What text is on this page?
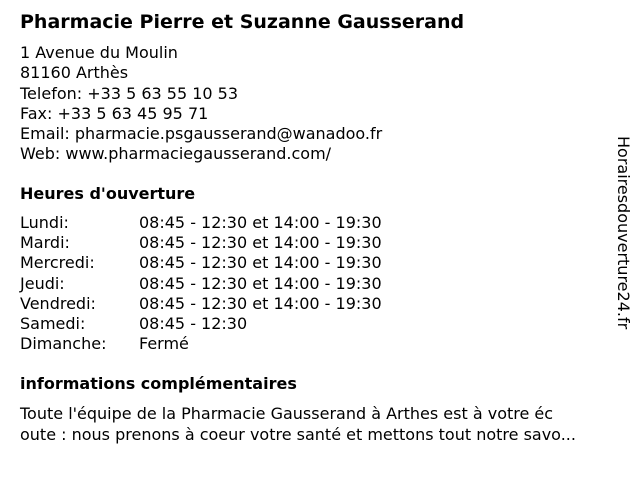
Pharmacie Pierre et Suzanne Gausserand
1 Avenue du Moulin
81160 Arthès
Telefon: +33 5 63 55 10 53
Fax: +33 5 63 45 95 71
Email: pharmacie.psgausserand@wanadoo.fr
Web: www.pharmaciegausserand.com/
Heures d'ouverture
Lundi:	08:45 - 12:30 et 14:00 - 19:30
Mardi:	08:45 - 12:30 et 14:00 - 19:30
Mercredi:	08:45 - 12:30 et 14:00 - 19:30
Jeudi:	08:45 - 12:30 et 14:00 - 19:30
Vendredi:	08:45 - 12:30 et 14:00 - 19:30
Samedi:	08:45 - 12:30
Dimanche: Fermé
informations complémentaires
Toute l'équipe de la Pharmacie Gausserand à Arthes est à votre éc
oute : nous prenons à coeur votre santé et mettons tout notre savo...
Horairesdouverture24.fr
